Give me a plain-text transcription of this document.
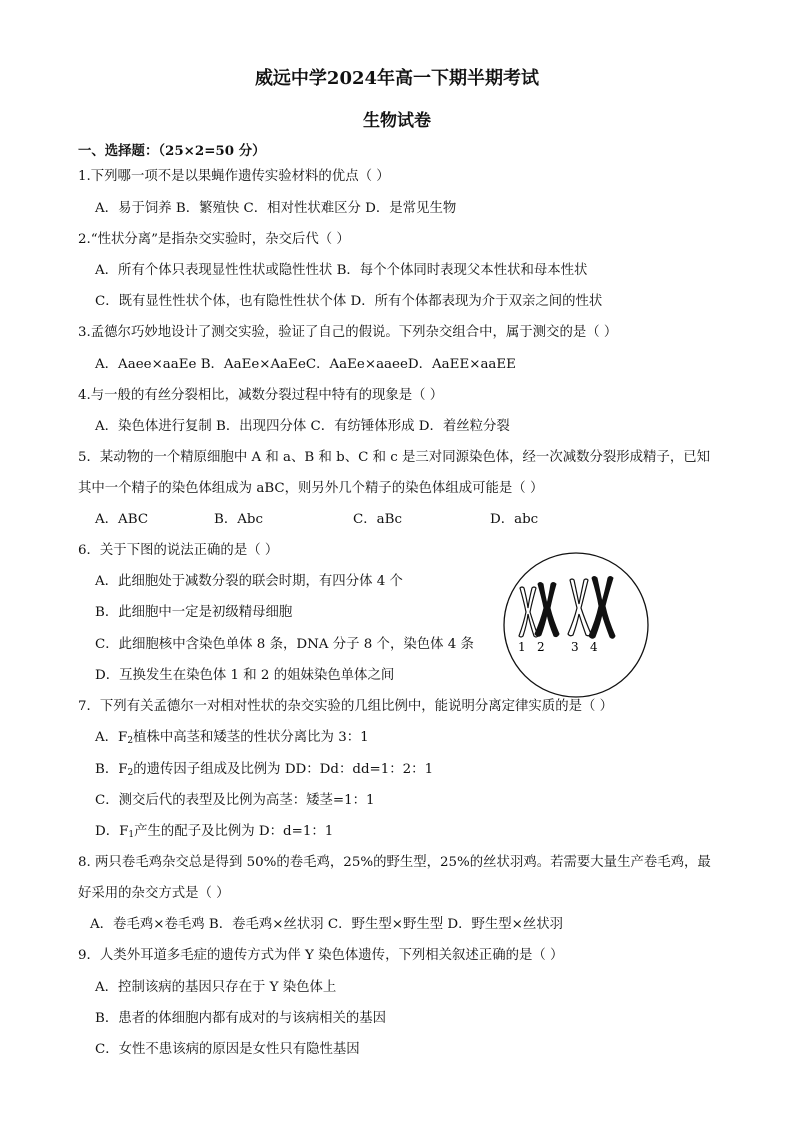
威远中学2024年高一下期半期考试
生物试卷
一、选择题：（25×2=50 分）
1.下列哪一项不是以果蝇作遗传实验材料的优点（ ）
A．易于饲养 B．繁殖快 C．相对性状难区分 D．是常见生物
2.“性状分离”是指杂交实验时，杂交后代（ ）
A．所有个体只表现显性性状或隐性性状 B．每个个体同时表现父本性状和母本性状
C．既有显性性状个体，也有隐性性状个体 D．所有个体都表现为介于双亲之间的性状
3.孟德尔巧妙地设计了测交实验，验证了自己的假说。下列杂交组合中，属于测交的是（ ）
A．Aaee×aaEe B．AaEe×AaEeC．AaEe×aaeeD．AaEE×aaEE
4.与一般的有丝分裂相比，减数分裂过程中特有的现象是（ ）
A．染色体进行复制 B．出现四分体 C．有纺锤体形成 D．着丝粒分裂
5．某动物的一个精原细胞中 A 和 a、B 和 b、C 和 c 是三对同源染色体，经一次减数分裂形成精子，已知
其中一个精子的染色体组成为 aBC，则另外几个精子的染色体组成可能是（ ）
A．ABC	B．Abc	C．aBc	D．abc
6．关于下图的说法正确的是（ ）
A．此细胞处于减数分裂的联会时期，有四分体 4 个
B．此细胞中一定是初级精母细胞
C．此细胞核中含染色单体 8 条，DNA 分子 8 个，染色体 4 条
D．互换发生在染色体 1 和 2 的姐妹染色单体之间
1 2 3 4
7．下列有关孟德尔一对相对性状的杂交实验的几组比例中，能说明分离定律实质的是（ ）
A．$F_2$植株中高茎和矮茎的性状分离比为 3：1
B．$F_2$的遗传因子组成及比例为 DD：Dd：dd=1：2：1
C．测交后代的表型及比例为高茎：矮茎=1：1
D．$F_1$产生的配子及比例为 D：d=1：1
8. 两只卷毛鸡杂交总是得到 50%的卷毛鸡，25%的野生型，25%的丝状羽鸡。若需要大量生产卷毛鸡，最
好采用的杂交方式是（ ）
A．卷毛鸡×卷毛鸡 B．卷毛鸡×丝状羽 C．野生型×野生型 D．野生型×丝状羽
9．人类外耳道多毛症的遗传方式为伴 Y 染色体遗传，下列相关叙述正确的是（ ）
A．控制该病的基因只存在于 Y 染色体上
B．患者的体细胞内都有成对的与该病相关的基因
C．女性不患该病的原因是女性只有隐性基因
